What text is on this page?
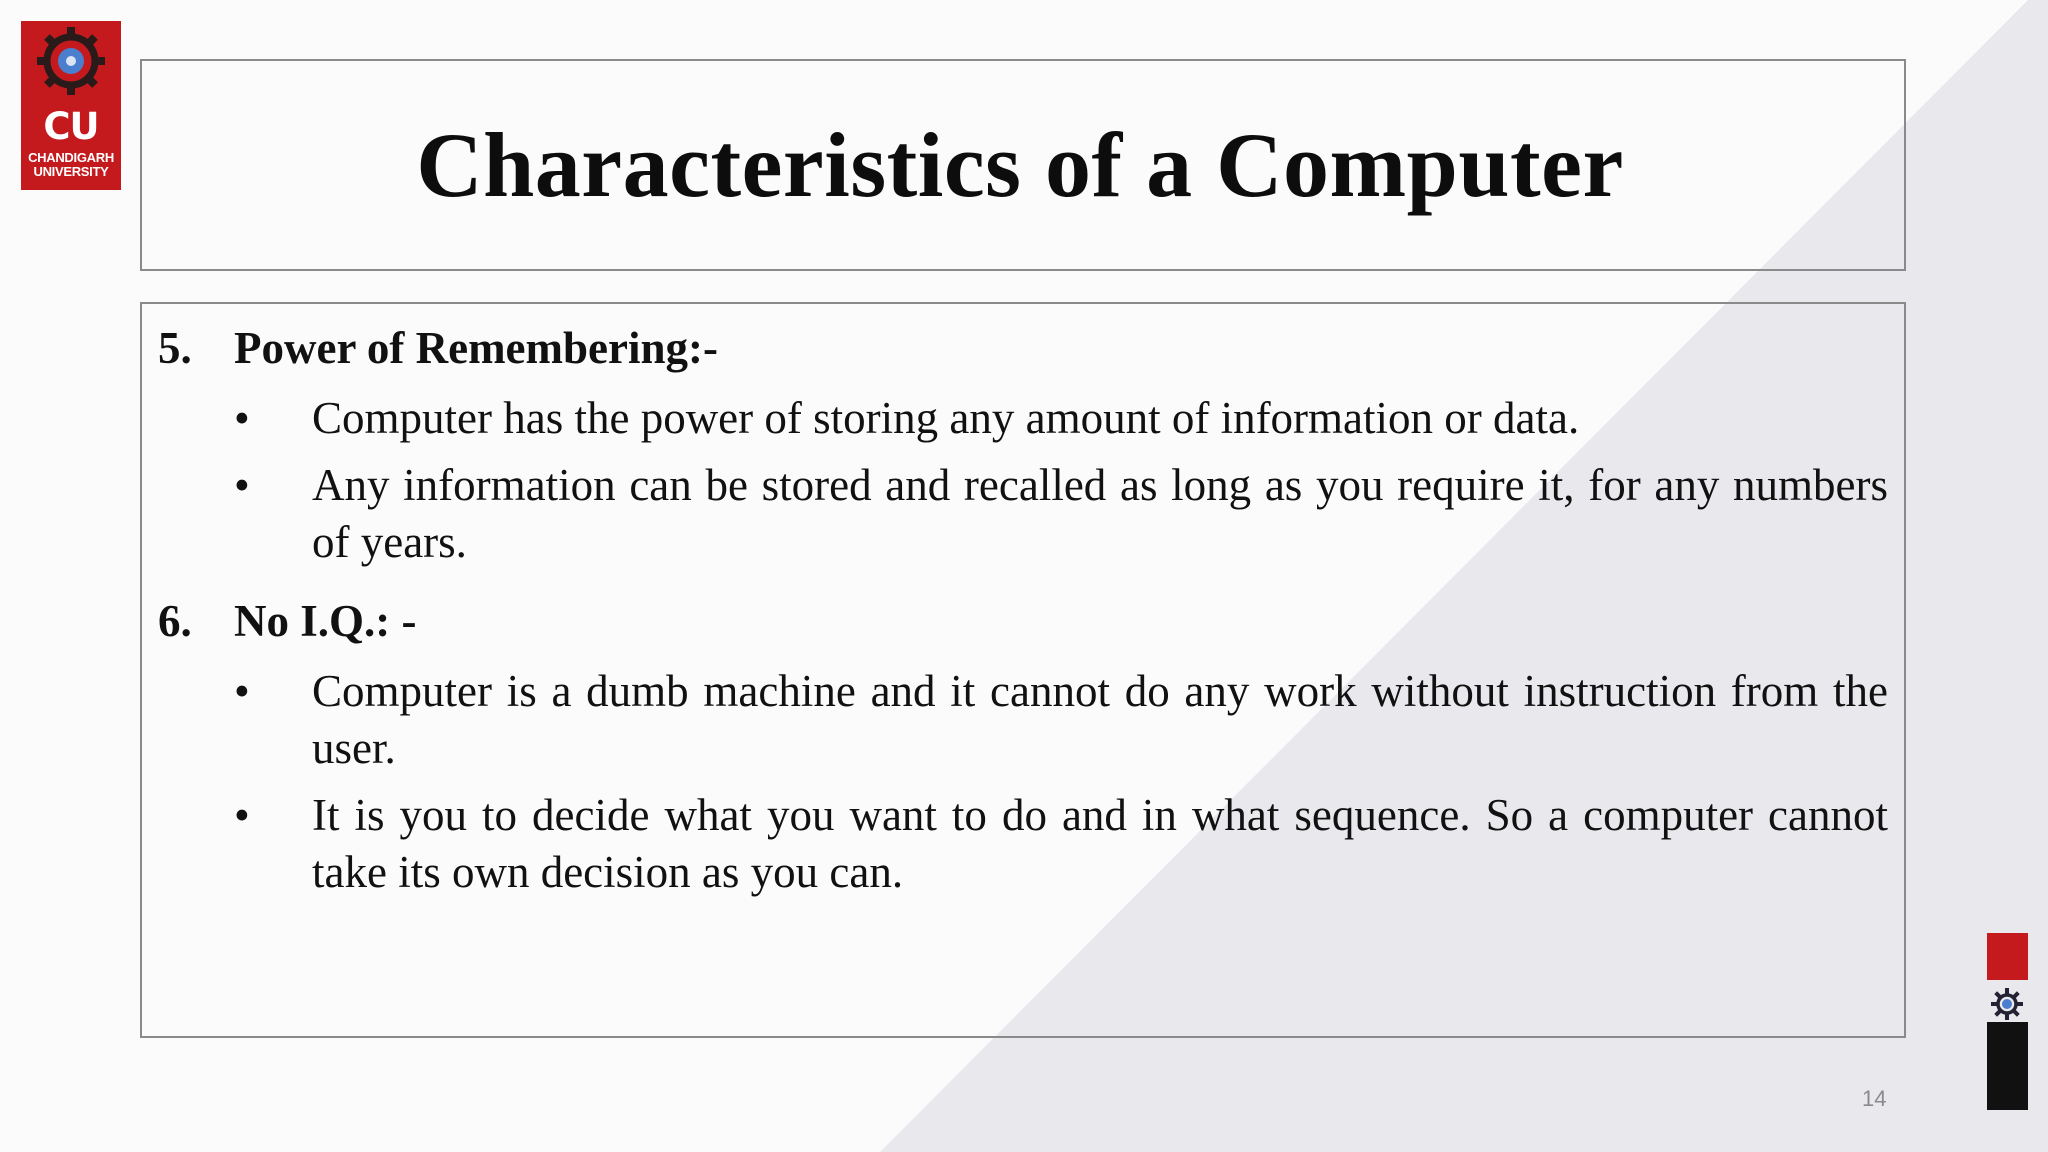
CU
CHANDIGARH
UNIVERSITY	Characteristics of a Computer
5. Power of Remembering:-
•	Computer has the power of storing any amount of information or data.
•	Any information can be stored and recalled as long as you require it, for any numbers of years.
6. No I.Q.: -
•	Computer is a dumb machine and it cannot do any work without instruction from the user.
•	It is you to decide what you want to do and in what sequence. So a computer cannot take its own decision as you can.
14
